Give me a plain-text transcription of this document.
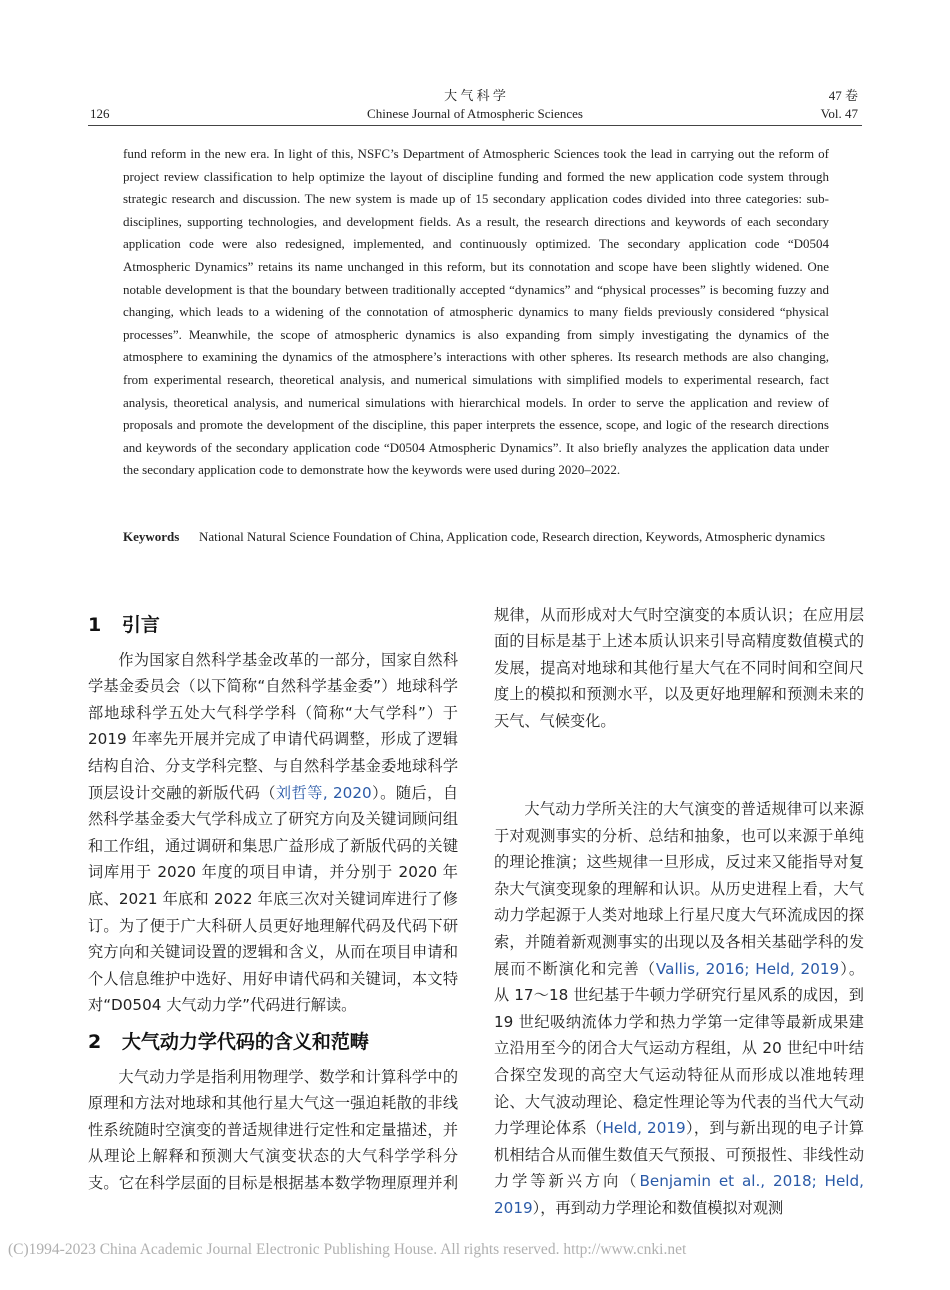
大 气 科 学	47 卷
126	Chinese Journal of Atmospheric Sciences	Vol. 47
fund reform in the new era. In light of this, NSFC’s Department of Atmospheric Sciences took the lead in carrying out the reform of project review classification to help optimize the layout of discipline funding and formed the new application code system through strategic research and discussion. The new system is made up of 15 secondary application codes divided into three categories: sub-disciplines, supporting technologies, and development fields. As a result, the research directions and keywords of each secondary application code were also redesigned, implemented, and continuously optimized. The secondary application code “D0504 Atmospheric Dynamics” retains its name unchanged in this reform, but its connotation and scope have been slightly widened. One notable development is that the boundary between traditionally accepted “dynamics” and “physical processes” is becoming fuzzy and changing, which leads to a widening of the connotation of atmospheric dynamics to many fields previously considered “physical processes”. Meanwhile, the scope of atmospheric dynamics is also expanding from simply investigating the dynamics of the atmosphere to examining the dynamics of the atmosphere’s interactions with other spheres. Its research methods are also changing, from experimental research, theoretical analysis, and numerical simulations with simplified models to experimental research, fact analysis, theoretical analysis, and numerical simulations with hierarchical models. In order to serve the application and review of proposals and promote the development of the discipline, this paper interprets the essence, scope, and logic of the research directions and keywords of the secondary application code “D0504 Atmospheric Dynamics”. It also briefly analyzes the application data under the secondary application code to demonstrate how the keywords were used during 2020–2022.
Keywords	National Natural Science Foundation of China, Application code, Research direction, Keywords, Atmospheric dynamics
1 引言

作为国家自然科学基金改革的一部分，国家自然科学基金委员会（以下简称“自然科学基金委”）地球科学部地球科学五处大气科学学科（简称“大气学科”）于 2019 年率先开展并完成了申请代码调整，形成了逻辑结构自洽、分支学科完整、与自然科学基金委地球科学顶层设计交融的新版代码（刘哲等, 2020）。随后，自然科学基金委大气学科成立了研究方向及关键词顾问组和工作组，通过调研和集思广益形成了新版代码的关键词库用于 2020 年度的项目申请，并分别于 2020 年底、2021 年底和 2022 年底三次对关键词库进行了修订。为了便于广大科研人员更好地理解代码及代码下研究方向和关键词设置的逻辑和含义，从而在项目申请和个人信息维护中选好、用好申请代码和关键词，本文特对“D0504 大气动力学”代码进行解读。

2 大气动力学代码的含义和范畴

大气动力学是指利用物理学、数学和计算科学中的原理和方法对地球和其他行星大气这一强迫耗散的非线性系统随时空演变的普适规律进行定性和定量描述，并从理论上解释和预测大气演变状态的大气科学学科分支。它在科学层面的目标是根据基本数学物理原理并利

规律，从而形成对大气时空演变的本质认识；在应用层面的目标是基于上述本质认识来引导高精度数值模式的发展，提高对地球和其他行星大气在不同时间和空间尺度上的模拟和预测水平，以及更好地理解和预测未来的天气、气候变化。

大气动力学所关注的大气演变的普适规律可以来源于对观测事实的分析、总结和抽象，也可以来源于单纯的理论推演；这些规律一旦形成，反过来又能指导对复杂大气演变现象的理解和认识。从历史进程上看，大气动力学起源于人类对地球上行星尺度大气环流成因的探索，并随着新观测事实的出现以及各相关基础学科的发展而不断演化和完善（Vallis, 2016; Held, 2019）。从 17～18 世纪基于牛顿力学研究行星风系的成因，到 19 世纪吸纳流体力学和热力学第一定律等最新成果建立沿用至今的闭合大气运动方程组，从 20 世纪中叶结合探空发现的高空大气运动特征从而形成以准地转理论、大气波动理论、稳定性理论等为代表的当代大气动力学理论体系（Held, 2019），到与新出现的电子计算机相结合从而催生数值天气预报、可预报性、非线性动力学等新兴方向（Benjamin et al., 2018; Held, 2019），再到动力学理论和数值模拟对观测

(C)1994-2023 China Academic Journal Electronic Publishing House. All rights reserved. http://www.cnki.net
